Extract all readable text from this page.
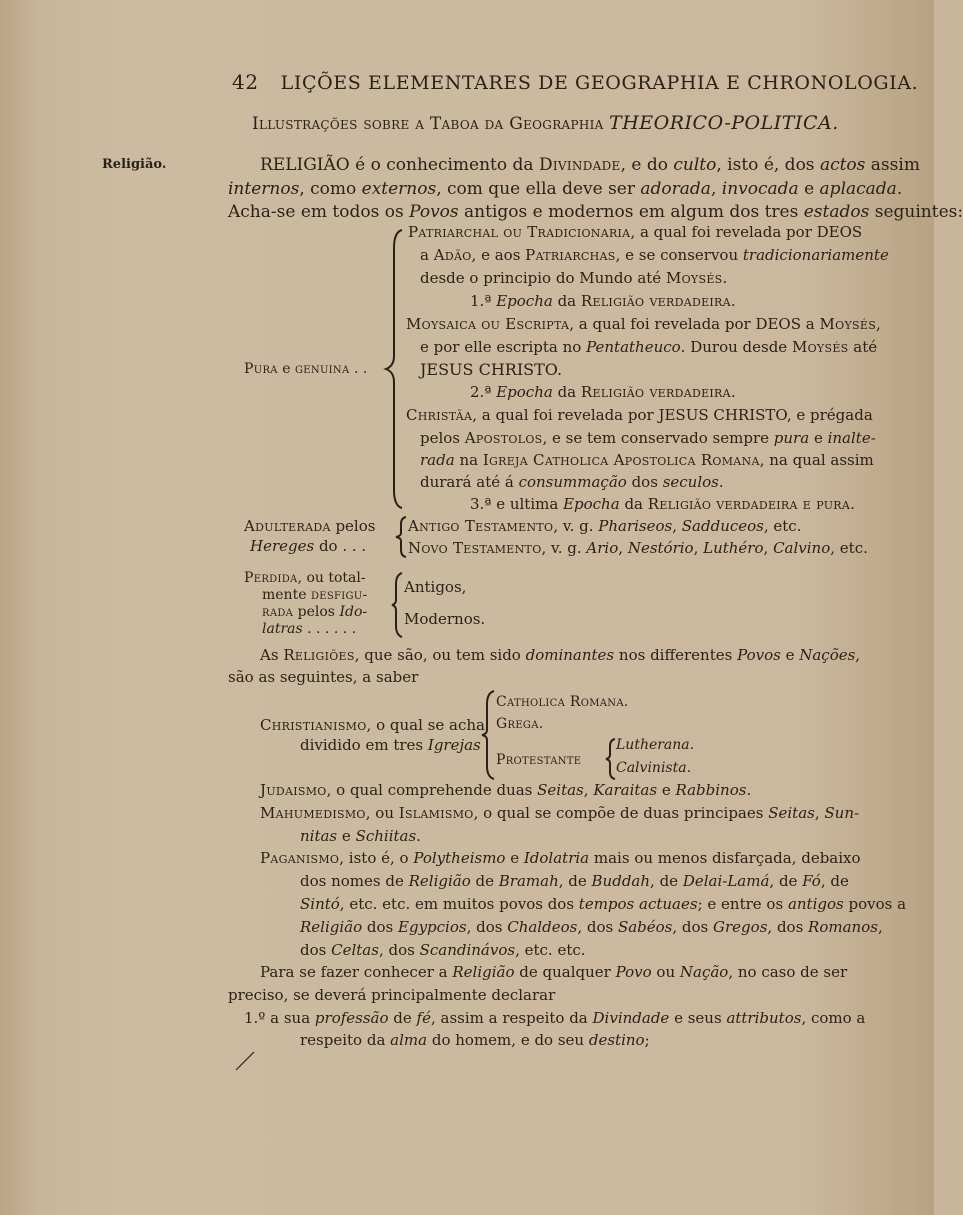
42 LIÇÕES ELEMENTARES DE GEOGRAPHIA E CHRONOLOGIA.
Illustrações sobre a Taboa da Geographia THEORICO-POLITICA.
Religião.	RELIGIÃO é o conhecimento da Divindade, e do culto, isto é, dos actos assim
internos, como externos, com que ella deve ser adorada, invocada e aplacada.
Acha-se em todos os Povos antigos e modernos em algum dos tres estados seguintes:
Pura e genuina . .
Patriarchal ou Tradicionaria, a qual foi revelada por DEOS
a Adão, e aos Patriarchas, e se conservou tradicionariamente
desde o principio do Mundo até Moysés.
1.ª Epocha da Religião verdadeira.
Moysaica ou Escripta, a qual foi revelada por DEOS a Moysés,
e por elle escripta no Pentatheuco. Durou desde Moysés até
JESUS CHRISTO.
2.ª Epocha da Religião verdadeira.
Christãa, a qual foi revelada por JESUS CHRISTO, e prégada
pelos Apostolos, e se tem conservado sempre pura e inalte-
rada na Igreja Catholica Apostolica Romana, na qual assim
durará até á consummação dos seculos.
3.ª e ultima Epocha da Religião verdadeira e pura.
Adulterada pelos
Hereges do . . .
Antigo Testamento, v. g. Phariseos, Sadduceos, etc.
Novo Testamento, v. g. Ario, Nestório, Luthéro, Calvino, etc.
Perdida, ou total-
mente desfigu-
rada pelos Ido-
latras . . . . . .
Antigos,
Modernos.
As Religiões, que são, ou tem sido dominantes nos differentes Povos e Nações,
são as seguintes, a saber
Christianismo, o qual se acha
dividido em tres Igrejas
Catholica Romana.
Grega.
Protestante
Lutherana.
Calvinista.
Judaismo, o qual comprehende duas Seitas, Karaitas e Rabbinos.
Mahumedismo, ou Islamismo, o qual se compõe de duas principaes Seitas, Sun-
nitas e Schiitas.
Paganismo, isto é, o Polytheismo e Idolatria mais ou menos disfarçada, debaixo
dos nomes de Religião de Bramah, de Buddah, de Delai-Lamá, de Fó, de
Sintó, etc. etc. em muitos povos dos tempos actuaes; e entre os antigos povos a
Religião dos Egypcios, dos Chaldeos, dos Sabéos, dos Gregos, dos Romanos,
dos Celtas, dos Scandinávos, etc. etc.
Para se fazer conhecer a Religião de qualquer Povo ou Nação, no caso de ser
preciso, se deverá principalmente declarar
1.º a sua professão de fé, assim a respeito da Divindade e seus attributos, como a
respeito da alma do homem, e do seu destino;
